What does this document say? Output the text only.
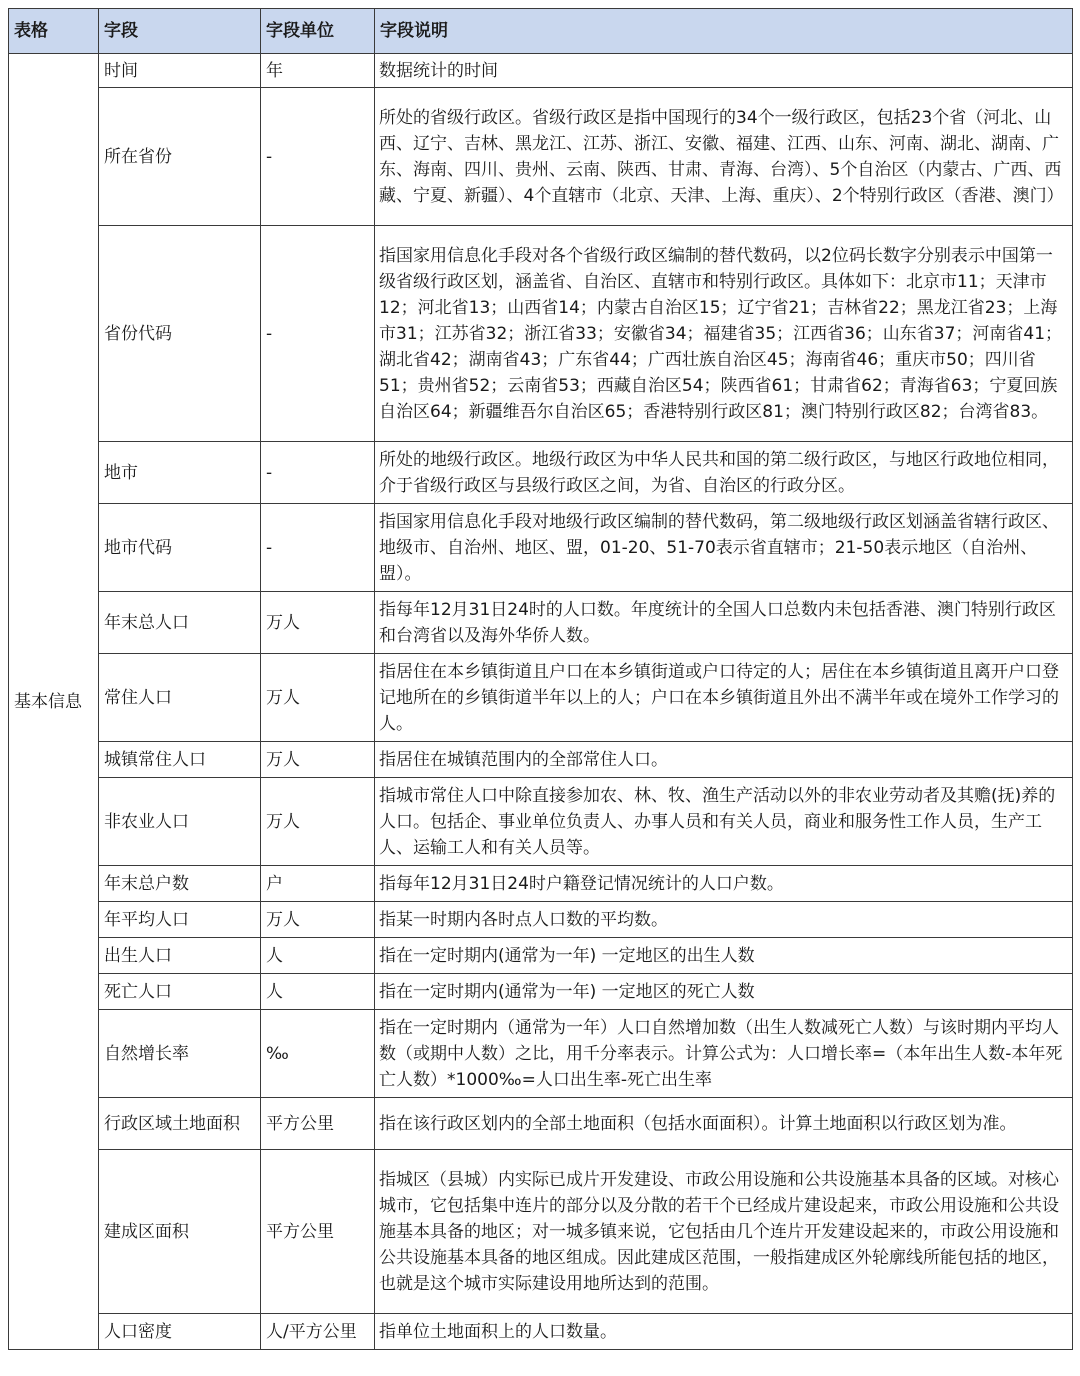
表格	字段	字段单位	字段说明
基本信息	时间	年	数据统计的时间
	所在省份	-	所处的省级行政区。省级行政区是指中国现行的34个一级行政区，包括23个省（河北、山西、辽宁、吉林、黑龙江、江苏、浙江、安徽、福建、江西、山东、河南、湖北、湖南、广东、海南、四川、贵州、云南、陕西、甘肃、青海、台湾）、5个自治区（内蒙古、广西、西藏、宁夏、新疆）、4个直辖市（北京、天津、上海、重庆）、2个特别行政区（香港、澳门）
	省份代码	-	指国家用信息化手段对各个省级行政区编制的替代数码，以2位码长数字分别表示中国第一级省级行政区划，涵盖省、自治区、直辖市和特别行政区。具体如下：北京市11；天津市12；河北省13；山西省14；内蒙古自治区15；辽宁省21；吉林省22；黑龙江省23；上海市31；江苏省32；浙江省33；安徽省34；福建省35；江西省36；山东省37；河南省41；湖北省42；湖南省43；广东省44；广西壮族自治区45；海南省46；重庆市50；四川省51；贵州省52；云南省53；西藏自治区54；陕西省61；甘肃省62；青海省63；宁夏回族自治区64；新疆维吾尔自治区65；香港特别行政区81；澳门特别行政区82；台湾省83。
	地市	-	所处的地级行政区。地级行政区为中华人民共和国的第二级行政区，与地区行政地位相同，介于省级行政区与县级行政区之间，为省、自治区的行政分区。
	地市代码	-	指国家用信息化手段对地级行政区编制的替代数码，第二级地级行政区划涵盖省辖行政区、地级市、自治州、地区、盟，01-20、51-70表示省直辖市；21-50表示地区（自治州、盟）。
	年末总人口	万人	指每年12月31日24时的人口数。年度统计的全国人口总数内未包括香港、澳门特别行政区和台湾省以及海外华侨人数。
	常住人口	万人	指居住在本乡镇街道且户口在本乡镇街道或户口待定的人；居住在本乡镇街道且离开户口登记地所在的乡镇街道半年以上的人；户口在本乡镇街道且外出不满半年或在境外工作学习的人。
	城镇常住人口	万人	指居住在城镇范围内的全部常住人口。
	非农业人口	万人	指城市常住人口中除直接参加农、林、牧、渔生产活动以外的非农业劳动者及其赡(抚)养的人口。包括企、事业单位负责人、办事人员和有关人员，商业和服务性工作人员，生产工人、运输工人和有关人员等。
	年末总户数	户	指每年12月31日24时户籍登记情况统计的人口户数。
	年平均人口	万人	指某一时期内各时点人口数的平均数。
	出生人口	人	指在一定时期内(通常为一年) 一定地区的出生人数
	死亡人口	人	指在一定时期内(通常为一年) 一定地区的死亡人数
	自然增长率	‰	指在一定时期内（通常为一年）人口自然增加数（出生人数减死亡人数）与该时期内平均人数（或期中人数）之比，用千分率表示。计算公式为：人口增长率=（本年出生人数-本年死亡人数）*1000‰=人口出生率-死亡出生率
	行政区域土地面积	平方公里	指在该行政区划内的全部土地面积（包括水面面积）。计算土地面积以行政区划为准。
	建成区面积	平方公里	指城区（县城）内实际已成片开发建设、市政公用设施和公共设施基本具备的区域。对核心城市，它包括集中连片的部分以及分散的若干个已经成片建设起来，市政公用设施和公共设施基本具备的地区；对一城多镇来说，它包括由几个连片开发建设起来的，市政公用设施和公共设施基本具备的地区组成。因此建成区范围，一般指建成区外轮廓线所能包括的地区，也就是这个城市实际建设用地所达到的范围。
	人口密度	人/平方公里	指单位土地面积上的人口数量。
